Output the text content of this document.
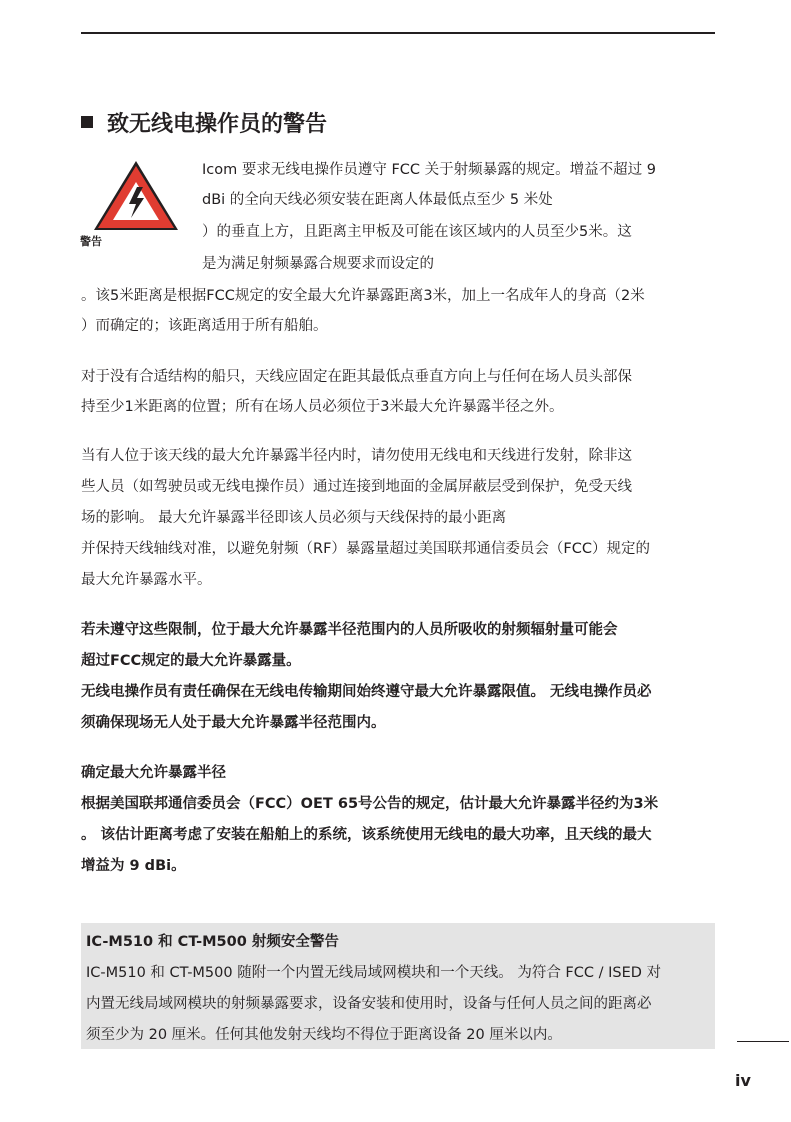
致无线电操作员的警告
警告
Icom 要求无线电操作员遵守 FCC 关于射频暴露的规定。增益不超过 9
dBi 的全向天线必须安装在距离人体最低点至少 5 米处
）的垂直上方，且距离主甲板及可能在该区域内的人员至少5米。这
是为满足射频暴露合规要求而设定的
。该5米距离是根据FCC规定的安全最大允许暴露距离3米，加上一名成年人的身高（2米
）而确定的；该距离适用于所有船舶。
对于没有合适结构的船只，天线应固定在距其最低点垂直方向上与任何在场人员头部保
持至少1米距离的位置；所有在场人员必须位于3米最大允许暴露半径之外。
当有人位于该天线的最大允许暴露半径内时，请勿使用无线电和天线进行发射，除非这
些人员（如驾驶员或无线电操作员）通过连接到地面的金属屏蔽层受到保护，免受天线
场的影响。 最大允许暴露半径即该人员必须与天线保持的最小距离
并保持天线轴线对准，以避免射频（RF）暴露量超过美国联邦通信委员会（FCC）规定的
最大允许暴露水平。
若未遵守这些限制，位于最大允许暴露半径范围内的人员所吸收的射频辐射量可能会
超过FCC规定的最大允许暴露量。
无线电操作员有责任确保在无线电传输期间始终遵守最大允许暴露限值。 无线电操作员必
须确保现场无人处于最大允许暴露半径范围内。
确定最大允许暴露半径
根据美国联邦通信委员会（FCC）OET 65号公告的规定，估计最大允许暴露半径约为3米
。 该估计距离考虑了安装在船舶上的系统，该系统使用无线电的最大功率，且天线的最大
增益为 9 dBi。
IC-M510 和 CT-M500 射频安全警告
IC-M510 和 CT-M500 随附一个内置无线局域网模块和一个天线。 为符合 FCC / ISED 对
内置无线局域网模块的射频暴露要求，设备安装和使用时，设备与任何人员之间的距离必
须至少为 20 厘米。任何其他发射天线均不得位于距离设备 20 厘米以内。
iv
